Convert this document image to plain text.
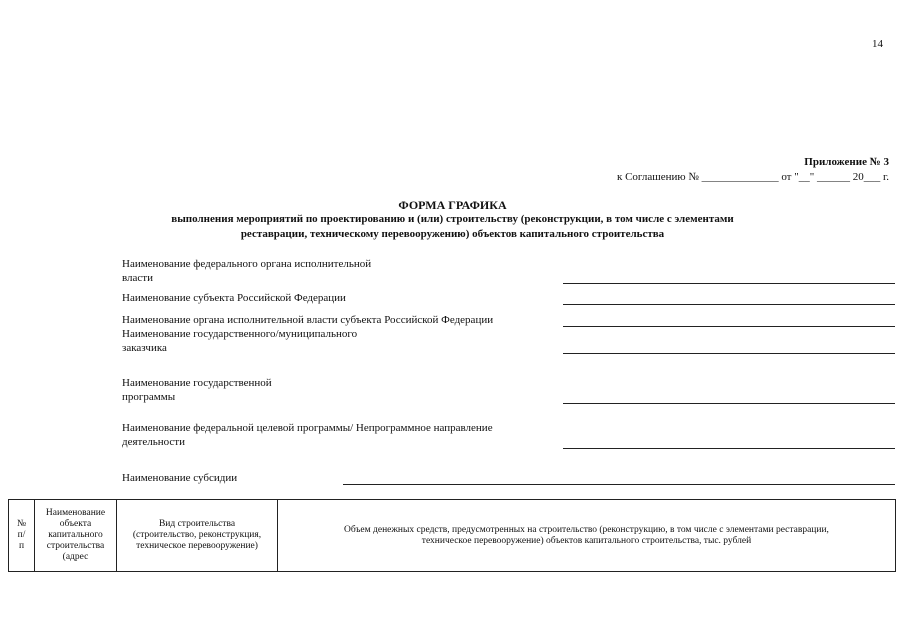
14
Приложение № 3
к Соглашению № ______________ от "__" ______ 20___ г.
ФОРМА ГРАФИКА
выполнения мероприятий по проектированию и (или) строительству (реконструкции, в том числе с элементами
реставрации, техническому перевооружению) объектов капитального строительства
Наименование федерального органа исполнительной
власти
Наименование субъекта Российской Федерации
Наименование органа исполнительной власти субъекта Российской Федерации
Наименование государственного/муниципального
заказчика
Наименование государственной
программы
Наименование федеральной целевой программы/ Непрограммное направление
деятельности
Наименование субсидии
№
п/
п

Наименование
объекта
капитального
строительства
(адрес

Вид строительства
(строительство, реконструкция,
техническое перевооружение)

Объем денежных средств, предусмотренных на строительство (реконструкцию, в том числе с элементами реставрации,
техническое перевооружение) объектов капитального строительства, тыс. рублей
